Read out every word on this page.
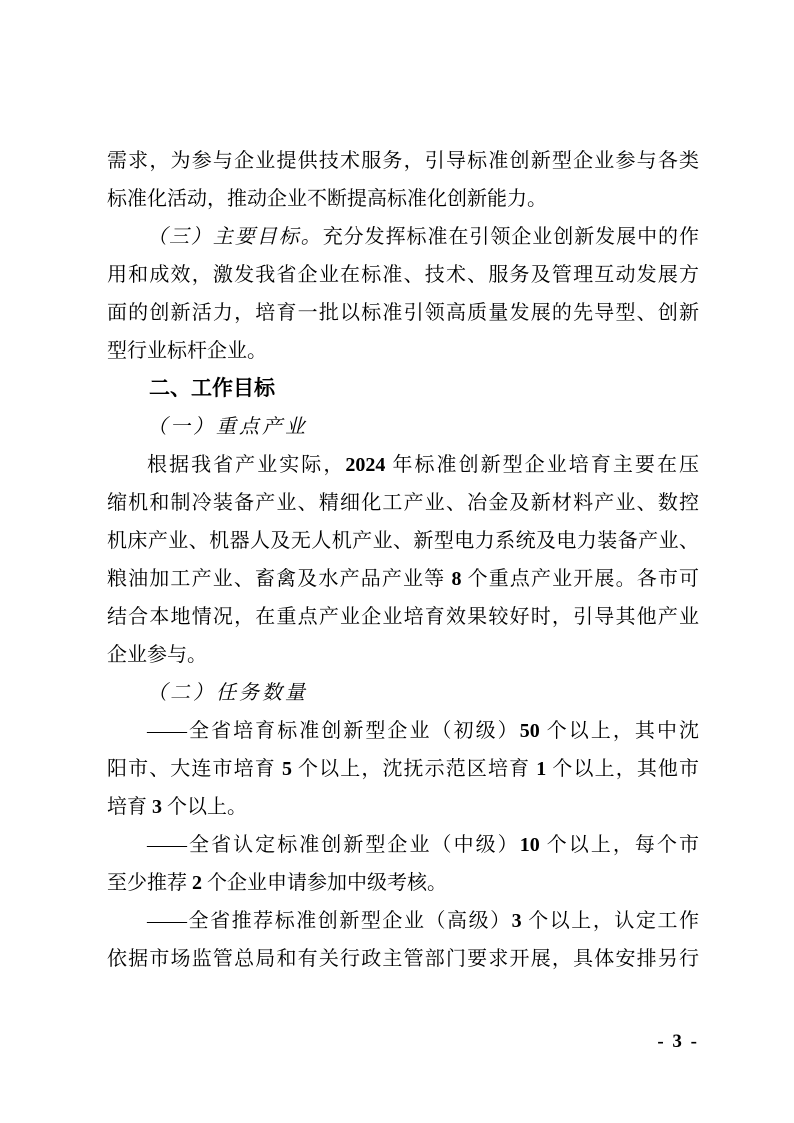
需求，为参与企业提供技术服务，引导标准创新型企业参与各类
标准化活动，推动企业不断提高标准化创新能力。
（三）主要目标。充分发挥标准在引领企业创新发展中的作
用和成效，激发我省企业在标准、技术、服务及管理互动发展方
面的创新活力，培育一批以标准引领高质量发展的先导型、创新
型行业标杆企业。
二、工作目标
（一）重点产业
根据我省产业实际，2024 年标准创新型企业培育主要在压
缩机和制冷装备产业、精细化工产业、冶金及新材料产业、数控
机床产业、机器人及无人机产业、新型电力系统及电力装备产业、
粮油加工产业、畜禽及水产品产业等 8 个重点产业开展。各市可
结合本地情况，在重点产业企业培育效果较好时，引导其他产业
企业参与。
（二）任务数量
——全省培育标准创新型企业（初级）50 个以上，其中沈
阳市、大连市培育 5 个以上，沈抚示范区培育 1 个以上，其他市
培育 3 个以上。
——全省认定标准创新型企业（中级）10 个以上，每个市
至少推荐 2 个企业申请参加中级考核。
——全省推荐标准创新型企业（高级）3 个以上，认定工作
依据市场监管总局和有关行政主管部门要求开展，具体安排另行
- 3 -
